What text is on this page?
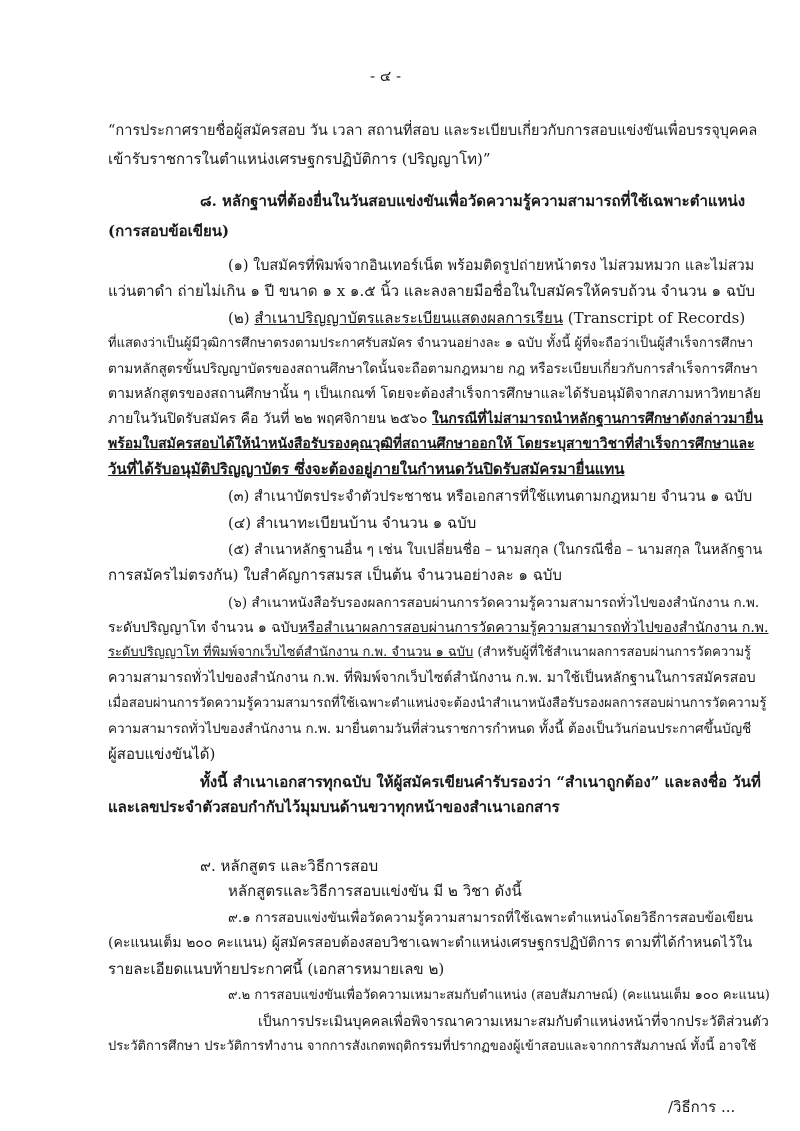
- ๔ -
“การประกาศรายชื่อผู้สมัครสอบ วัน เวลา สถานที่สอบ และระเบียบเกี่ยวกับการสอบแข่งขันเพื่อบรรจุบุคคล
เข้ารับราชการในตำแหน่งเศรษฐกรปฏิบัติการ (ปริญญาโท)”
๘. หลักฐานที่ต้องยื่นในวันสอบแข่งขันเพื่อวัดความรู้ความสามารถที่ใช้เฉพาะตำแหน่ง
(การสอบข้อเขียน)
(๑) ใบสมัครที่พิมพ์จากอินเทอร์เน็ต พร้อมติดรูปถ่ายหน้าตรง ไม่สวมหมวก และไม่สวม
แว่นตาดำ ถ่ายไม่เกิน ๑ ปี ขนาด ๑ x ๑.๕ นิ้ว และลงลายมือชื่อในใบสมัครให้ครบถ้วน จำนวน ๑ ฉบับ
(๒) สำเนาปริญญาบัตรและระเบียนแสดงผลการเรียน (Transcript of Records)
ที่แสดงว่าเป็นผู้มีวุฒิการศึกษาตรงตามประกาศรับสมัคร จำนวนอย่างละ ๑ ฉบับ ทั้งนี้ ผู้ที่จะถือว่าเป็นผู้สำเร็จการศึกษา
ตามหลักสูตรขั้นปริญญาบัตรของสถานศึกษาใดนั้นจะถือตามกฎหมาย กฎ หรือระเบียบเกี่ยวกับการสำเร็จการศึกษา
ตามหลักสูตรของสถานศึกษานั้น ๆ เป็นเกณฑ์ โดยจะต้องสำเร็จการศึกษาและได้รับอนุมัติจากสภามหาวิทยาลัย
ภายในวันปิดรับสมัคร คือ วันที่ ๒๒ พฤศจิกายน ๒๕๖๐ ในกรณีที่ไม่สามารถนำหลักฐานการศึกษาดังกล่าวมายื่น
พร้อมใบสมัครสอบได้ให้นำหนังสือรับรองคุณวุฒิที่สถานศึกษาออกให้ โดยระบุสาขาวิชาที่สำเร็จการศึกษาและ
วันที่ได้รับอนุมัติปริญญาบัตร ซึ่งจะต้องอยู่ภายในกำหนดวันปิดรับสมัครมายื่นแทน
(๓) สำเนาบัตรประจำตัวประชาชน หรือเอกสารที่ใช้แทนตามกฎหมาย จำนวน ๑ ฉบับ
(๔) สำเนาทะเบียนบ้าน จำนวน ๑ ฉบับ
(๕) สำเนาหลักฐานอื่น ๆ เช่น ใบเปลี่ยนชื่อ – นามสกุล (ในกรณีชื่อ – นามสกุล ในหลักฐาน
การสมัครไม่ตรงกัน) ใบสำคัญการสมรส เป็นต้น จำนวนอย่างละ ๑ ฉบับ
(๖) สำเนาหนังสือรับรองผลการสอบผ่านการวัดความรู้ความสามารถทั่วไปของสำนักงาน ก.พ.
ระดับปริญญาโท จำนวน ๑ ฉบับหรือสำเนาผลการสอบผ่านการวัดความรู้ความสามารถทั่วไปของสำนักงาน ก.พ.
ระดับปริญญาโท ที่พิมพ์จากเว็บไซต์สำนักงาน ก.พ. จำนวน ๑ ฉบับ (สำหรับผู้ที่ใช้สำเนาผลการสอบผ่านการวัดความรู้
ความสามารถทั่วไปของสำนักงาน ก.พ. ที่พิมพ์จากเว็บไซต์สำนักงาน ก.พ. มาใช้เป็นหลักฐานในการสมัครสอบ
เมื่อสอบผ่านการวัดความรู้ความสามารถที่ใช้เฉพาะตำแหน่งจะต้องนำสำเนาหนังสือรับรองผลการสอบผ่านการวัดความรู้
ความสามารถทั่วไปของสำนักงาน ก.พ. มายื่นตามวันที่ส่วนราชการกำหนด ทั้งนี้ ต้องเป็นวันก่อนประกาศขึ้นบัญชี
ผู้สอบแข่งขันได้)
ทั้งนี้ สำเนาเอกสารทุกฉบับ ให้ผู้สมัครเขียนคำรับรองว่า “สำเนาถูกต้อง” และลงชื่อ วันที่
และเลขประจำตัวสอบกำกับไว้มุมบนด้านขวาทุกหน้าของสำเนาเอกสาร
๙. หลักสูตร และวิธีการสอบ
หลักสูตรและวิธีการสอบแข่งขัน มี ๒ วิชา ดังนี้
๙.๑ การสอบแข่งขันเพื่อวัดความรู้ความสามารถที่ใช้เฉพาะตำแหน่งโดยวิธีการสอบข้อเขียน
(คะแนนเต็ม ๒๐๐ คะแนน) ผู้สมัครสอบต้องสอบวิชาเฉพาะตำแหน่งเศรษฐกรปฏิบัติการ ตามที่ได้กำหนดไว้ใน
รายละเอียดแนบท้ายประกาศนี้ (เอกสารหมายเลข ๒)
๙.๒ การสอบแข่งขันเพื่อวัดความเหมาะสมกับตำแหน่ง (สอบสัมภาษณ์) (คะแนนเต็ม ๑๐๐ คะแนน)
เป็นการประเมินบุคคลเพื่อพิจารณาความเหมาะสมกับตำแหน่งหน้าที่จากประวัติส่วนตัว
ประวัติการศึกษา ประวัติการทำงาน จากการสังเกตพฤติกรรมที่ปรากฏของผู้เข้าสอบและจากการสัมภาษณ์ ทั้งนี้ อาจใช้
/วิธีการ ...
